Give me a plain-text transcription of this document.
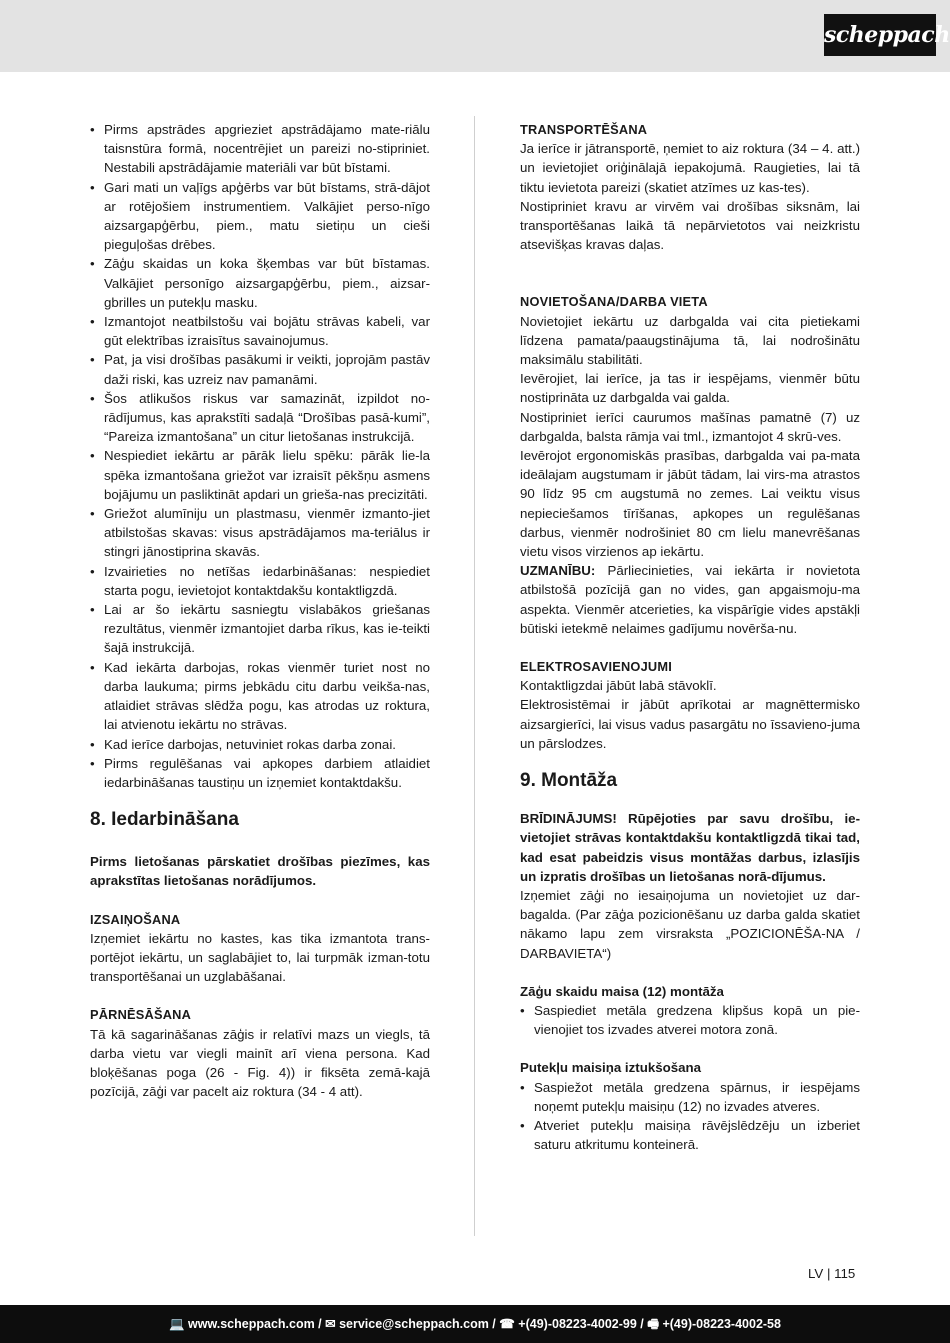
scheppach
• Pirms apstrādes apgrieziet apstrādājamo mate-riālu taisnstūra formā, nocentrējiet un pareizi no-stipriniet. Nestabili apstrādājamie materiāli var būt bīstami.
• Gari mati un vaļīgs apģērbs var būt bīstams, strā-dājot ar rotējošiem instrumentiem. Valkājiet perso-nīgo aizsargapģērbu, piem., matu sietiņu un cieši pieguļošas drēbes.
• Zāģu skaidas un koka šķembas var būt bīstamas. Valkājiet personīgo aizsargapģērbu, piem., aizsar-gbrilles un putekļu masku.
• Izmantojot neatbilstošu vai bojātu strāvas kabeli, var gūt elektrības izraisītus savainojumus.
• Pat, ja visi drošības pasākumi ir veikti, joprojām pastāv daži riski, kas uzreiz nav pamanāmi.
• Šos atlikušos riskus var samazināt, izpildot no-rādījumus, kas aprakstīti sadaļā “Drošības pasā-kumi”, “Pareiza izmantošana” un citur lietošanas instrukcijā.
• Nespiediet iekārtu ar pārāk lielu spēku: pārāk lie-la spēka izmantošana griežot var izraisīt pēkšņu asmens bojājumu un pasliktināt apdari un griešа-nas precizitāti.
• Griežot alumīniju un plastmasu, vienmēr izmanto-jiet atbilstošas skavas: visus apstrādājamos ma-teriālus ir stingri jānostiprina skavās.
• Izvairieties no netīšas iedarbināšanas: nespiediet starta pogu, ievietojot kontaktdakšu kontaktligzdā.
• Lai ar šo iekārtu sasniegtu vislabākos griešanas rezultātus, vienmēr izmantojiet darba rīkus, kas ie-teikti šajā instrukcijā.
• Kad iekārta darbojas, rokas vienmēr turiet nost no darba laukuma; pirms jebkādu citu darbu veikša-nas, atlaidiet strāvas slēdža pogu, kas atrodas uz roktura, lai atvienotu iekārtu no strāvas.
• Kad ierīce darbojas, netuviniet rokas darba zonai.
• Pirms regulēšanas vai apkopes darbiem atlaidiet iedarbināšanas taustiņu un izņemiet kontaktdakšu.
8. Iedarbināšana

Pirms lietošanas pārskatiet drošības piezīmes, kas aprakstītas lietošanas norādījumos.

IZSAIŅOŠANA

Izņemiet iekārtu no kastes, kas tika izmantota trans-portējot iekārtu, un saglabājiet to, lai turpmāk izman-totu transportēšanai un uzglabāšanai.

PĀRNĒSĀŠANA

Tā kā sagarināšanas zāģis ir relatīvi mazs un viegls, tā darba vietu var viegli mainīt arī viena persona. Kad bloķēšanas poga (26 - Fig. 4)) ir fiksēta zemā-kajā pozīcijā, zāģi var pacelt aiz roktura (34 - 4 att).

TRANSPORTĒŠANA

Ja ierīce ir jātransportē, ņemiet to aiz roktura (34 – 4. att.) un ievietojiet oriģinālajā iepakojumā. Raugieties, lai tā tiktu ievietota pareizi (skatiet atzīmes uz kas-tes).

Nostipriniet kravu ar virvēm vai drošības siksnām, lai transportēšanas laikā tā nepārvietotos vai neizkristu atsevišķas kravas daļas.

NOVIETOŠANA/DARBA VIETA

Novietojiet iekārtu uz darbgalda vai cita pietiekami līdzena pamata/paaugstinājuma tā, lai nodrošinātu maksimālu stabilitāti.

Ievērojiet, lai ierīce, ja tas ir iespējams, vienmēr būtu nostiprināta uz darbgalda vai galda.

Nostipriniet ierīci caurumos mašīnas pamatnē (7) uz darbgalda, balsta rāmja vai tml., izmantojot 4 skrū-ves.

Ievērojot ergonomiskās prasības, darbgalda vai pa-mata ideālajam augstumam ir jābūt tādam, lai virs-ma atrastos 90 līdz 95 cm augstumā no zemes. Lai veiktu visus nepieciešamos tīrīšanas, apkopes un regulēšanas darbus, vienmēr nodrošiniet 80 cm lielu manevrēšanas vietu visos virzienos ap iekārtu.

UZMANĪBU: Pārliecinieties, vai iekārta ir novietota atbilstošā pozīcijā gan no vides, gan apgaismoju-ma aspekta. Vienmēr atcerieties, ka vispārīgie vides apstākļi būtiski ietekmē nelaimes gadījumu novērša-nu.

ELEKTROSAVIENOJUMI

Kontaktligzdai jābūt labā stāvoklī.

Elektrosistēmai ir jābūt aprīkotai ar magnēttermisko aizsargierīci, lai visus vadus pasargātu no īssavieno-juma un pārslodzes.

9. Montāža

BRĪDINĀJUMS! Rūpējoties par savu drošību, ie-vietojiet strāvas kontaktdakšu kontaktligzdā tikai tad, kad esat pabeidzis visus montāžas darbus, izlasījis un izpratis drošības un lietošanas norā-dījumus.

Izņemiet zāģi no iesaiņojuma un novietojiet uz dar-bagalda. (Par zāģa pozicionēšanu uz darba galda skatiet nākamo lapu zem virsraksta „POZICIONĒŠA-NA / DARBAVIETA“)

Zāģu skaidu maisa (12) montāža
• Saspiediet metāla gredzena klipšus kopā un pie-vienojiet tos izvades atverei motora zonā.
Putekļu maisiņa iztukšošana
• Saspiežot metāla gredzena spārnus, ir iespējams noņemt putekļu maisiņu (12) no izvades atveres.
• Atveriet putekļu maisiņa rāvējslēdzēju un izberiet saturu atkritumu konteinerā.
LV | 115
💻 www.scheppach.com / ✉ service@scheppach.com / ☎ +(49)-08223-4002-99 / 🖷 +(49)-08223-4002-58
